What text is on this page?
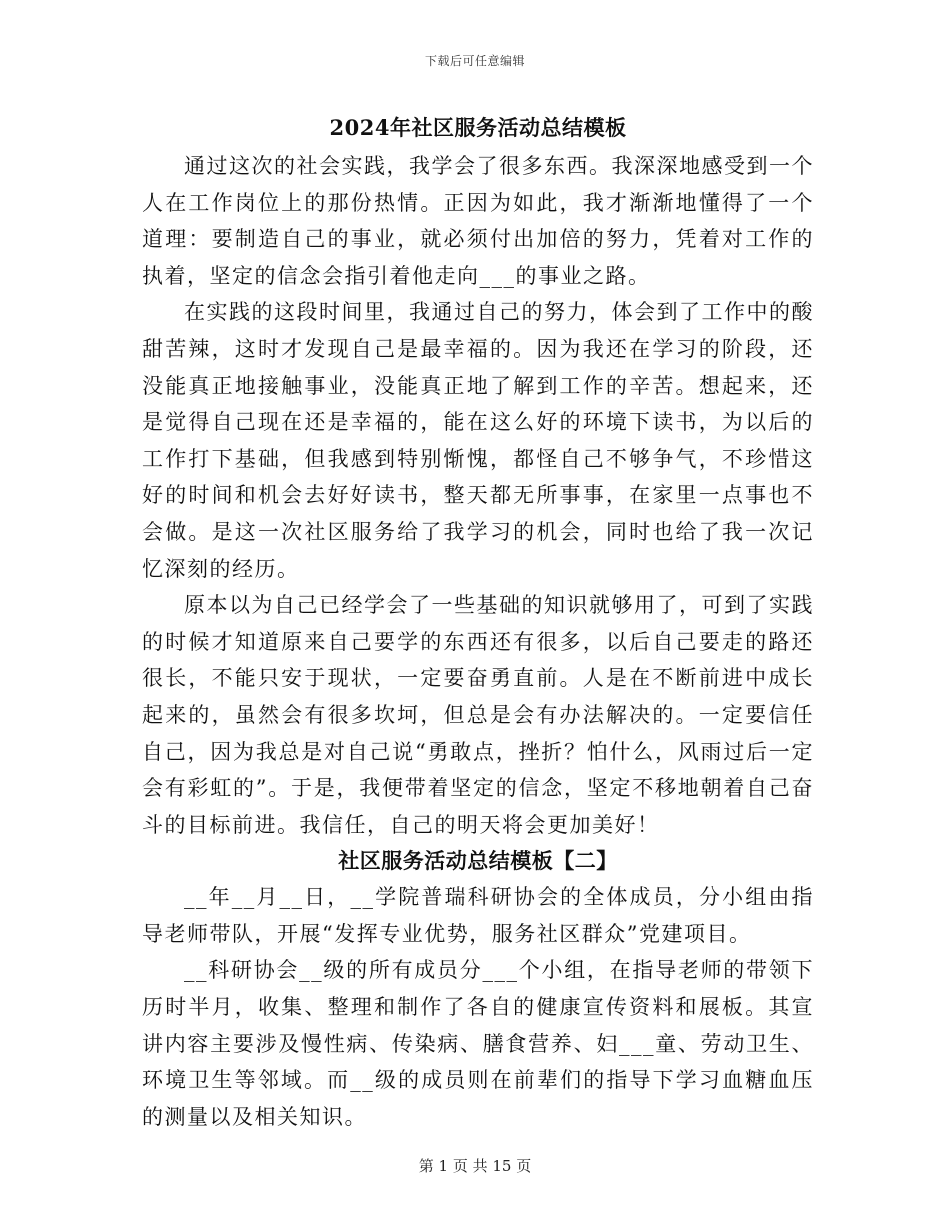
下载后可任意编辑
2024年社区服务活动总结模板

通过这次的社会实践，我学会了很多东西。我深深地感受到一个人在工作岗位上的那份热情。正因为如此，我才渐渐地懂得了一个道理：要制造自己的事业，就必须付出加倍的努力，凭着对工作的执着，坚定的信念会指引着他走向___的事业之路。

在实践的这段时间里，我通过自己的努力，体会到了工作中的酸甜苦辣，这时才发现自己是最幸福的。因为我还在学习的阶段，还没能真正地接触事业，没能真正地了解到工作的辛苦。想起来，还是觉得自己现在还是幸福的，能在这么好的环境下读书，为以后的工作打下基础，但我感到特别惭愧，都怪自己不够争气，不珍惜这好的时间和机会去好好读书，整天都无所事事，在家里一点事也不会做。是这一次社区服务给了我学习的机会，同时也给了我一次记忆深刻的经历。

原本以为自己已经学会了一些基础的知识就够用了，可到了实践的时候才知道原来自己要学的东西还有很多，以后自己要走的路还很长，不能只安于现状，一定要奋勇直前。人是在不断前进中成长起来的，虽然会有很多坎坷，但总是会有办法解决的。一定要信任自己，因为我总是对自己说“勇敢点，挫折？怕什么，风雨过后一定会有彩虹的”。于是，我便带着坚定的信念，坚定不移地朝着自己奋斗的目标前进。我信任，自己的明天将会更加美好！

社区服务活动总结模板【二】

__年__月__日，__学院普瑞科研协会的全体成员，分小组由指导老师带队，开展“发挥专业优势，服务社区群众”党建项目。

__科研协会__级的所有成员分___个小组，在指导老师的带领下历时半月，收集、整理和制作了各自的健康宣传资料和展板。其宣讲内容主要涉及慢性病、传染病、膳食营养、妇___童、劳动卫生、环境卫生等邻域。而__级的成员则在前辈们的指导下学习血糖血压的测量以及相关知识。

第 1 页 共 15 页
